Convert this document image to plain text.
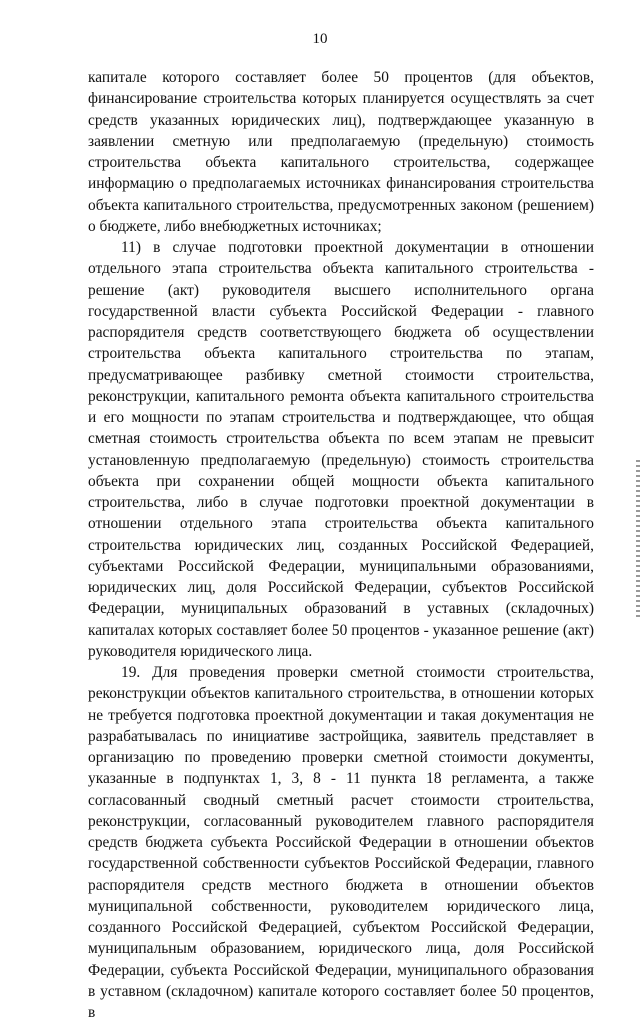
10

капитале которого составляет более 50 процентов (для объектов, финансирование строительства которых планируется осуществлять за счет средств указанных юридических лиц), подтверждающее указанную в заявлении сметную или предполагаемую (предельную) стоимость строительства объекта капитального строительства, содержащее информацию о предполагаемых источниках финансирования строительства объекта капитального строительства, предусмотренных законом (решением) о бюджете, либо внебюджетных источниках;

11) в случае подготовки проектной документации в отношении отдельного этапа строительства объекта капитального строительства - решение (акт) руководителя высшего исполнительного органа государственной власти субъекта Российской Федерации - главного распорядителя средств соответствующего бюджета об осуществлении строительства объекта капитального строительства по этапам, предусматривающее разбивку сметной стоимости строительства, реконструкции, капитального ремонта объекта капитального строительства и его мощности по этапам строительства и подтверждающее, что общая сметная стоимость строительства объекта по всем этапам не превысит установленную предполагаемую (предельную) стоимость строительства объекта при сохранении общей мощности объекта капитального строительства, либо в случае подготовки проектной документации в отношении отдельного этапа строительства объекта капитального строительства юридических лиц, созданных Российской Федерацией, субъектами Российской Федерации, муниципальными образованиями, юридических лиц, доля Российской Федерации, субъектов Российской Федерации, муниципальных образований в уставных (складочных) капиталах которых составляет более 50 процентов - указанное решение (акт) руководителя юридического лица.

19. Для проведения проверки сметной стоимости строительства, реконструкции объектов капитального строительства, в отношении которых не требуется подготовка проектной документации и такая документация не разрабатывалась по инициативе застройщика, заявитель представляет в организацию по проведению проверки сметной стоимости документы, указанные в подпунктах 1, 3, 8 - 11 пункта 18 регламента, а также согласованный сводный сметный расчет стоимости строительства, реконструкции, согласованный руководителем главного распорядителя средств бюджета субъекта Российской Федерации в отношении объектов государственной собственности субъектов Российской Федерации, главного распорядителя средств местного бюджета в отношении объектов муниципальной собственности, руководителем юридического лица, созданного Российской Федерацией, субъектом Российской Федерации, муниципальным образованием, юридического лица, доля Российской Федерации, субъекта Российской Федерации, муниципального образования в уставном (складочном) капитале которого составляет более 50 процентов, в
